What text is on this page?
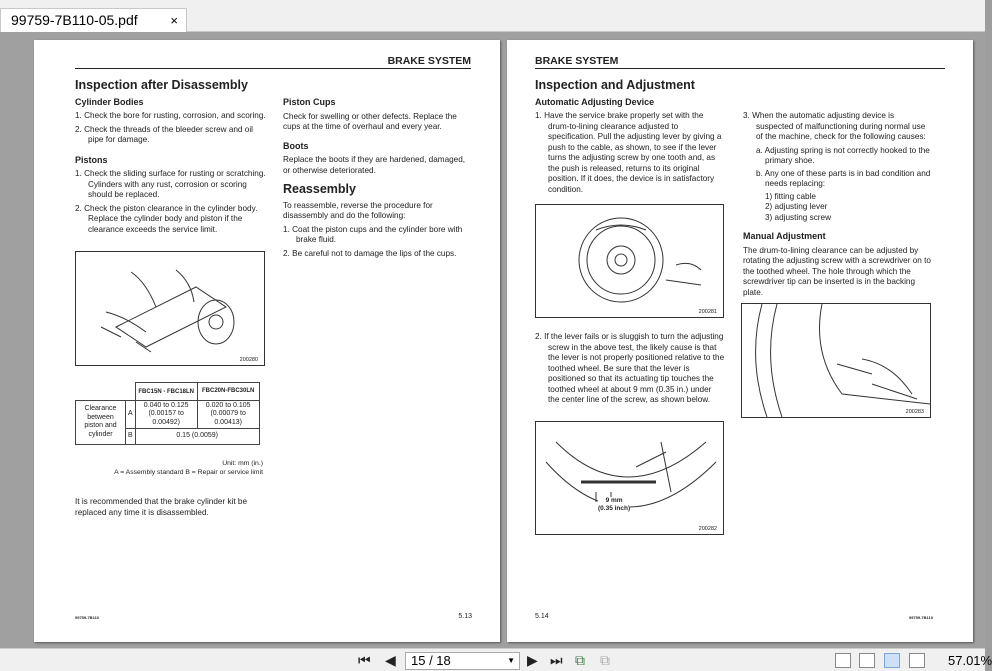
99759-7B110-05.pdf	×
BRAKE SYSTEM
Inspection after Disassembly
Cylinder Bodies
1. Check the bore for rusting, corrosion, and scoring.
2. Check the threads of the bleeder screw and oil pipe for damage.
Pistons
1. Check the sliding surface for rusting or scratching. Cylinders with any rust, corrosion or scoring should be replaced.
2. Check the piston clearance in the cylinder body. Replace the cylinder body and piston if the clearance exceeds the service limit.
200280
		FBC15N - FBC18LN	FBC20N-FBC30LN
Clearance between piston and cylinder	A	0.040 to 0.125 (0.00157 to 0.00492)	0.020 to 0.105 (0.00079 to 0.00413)
	B	0.15 (0.0059)	
Unit: mm (in.)
A = Assembly standard B = Repair or service limit
It is recommended that the brake cylinder kit be replaced any time it is disassembled.
Piston Cups

Check for swelling or other defects. Replace the cups at the time of overhaul and every year.

Boots

Replace the boots if they are hardened, damaged, or otherwise deteriorated.

Reassembly

To reassemble, reverse the procedure for disassembly and do the following:

1. Coat the piston cups and the cylinder bore with brake fluid.
2. Be careful not to damage the lips of the cups.
99759-7B110	5.13
BRAKE SYSTEM
Inspection and Adjustment
Automatic Adjusting Device
1. Have the service brake properly set with the drum-to-lining clearance adjusted to specification. Pull the adjusting lever by giving a push to the cable, as shown, to see if the lever turns the adjusting screw by one tooth and, as the push is released, returns to its original position. If it does, the device is in satisfactory condition.
200281
2. If the lever fails or is sluggish to turn the adjusting screw in the above test, the likely cause is that the lever is not properly positioned relative to the toothed wheel. Be sure that the lever is positioned so that its actuating tip touches the toothed wheel at about 9 mm (0.35 in.) under the center line of the screw, as shown below.
9 mm
(0.35 inch)
200282
3. When the automatic adjusting device is suspected of malfunctioning during normal use of the machine, check for the following causes:
a. Adjusting spring is not correctly hooked to the primary shoe.
b. Any one of these parts is in bad condition and needs replacing:
1) fitting cable
2) adjusting lever
3) adjusting screw
Manual Adjustment

The drum-to-lining clearance can be adjusted by rotating the adjusting screw with a screwdriver on to the toothed wheel. The hole through which the screwdriver tip can be inserted is in the backing plate.

200283
5.14	99759-7B110
⏮ ◀	15 / 18	▼ ▶ ⏭ ⧉ ⧉	57.01%
